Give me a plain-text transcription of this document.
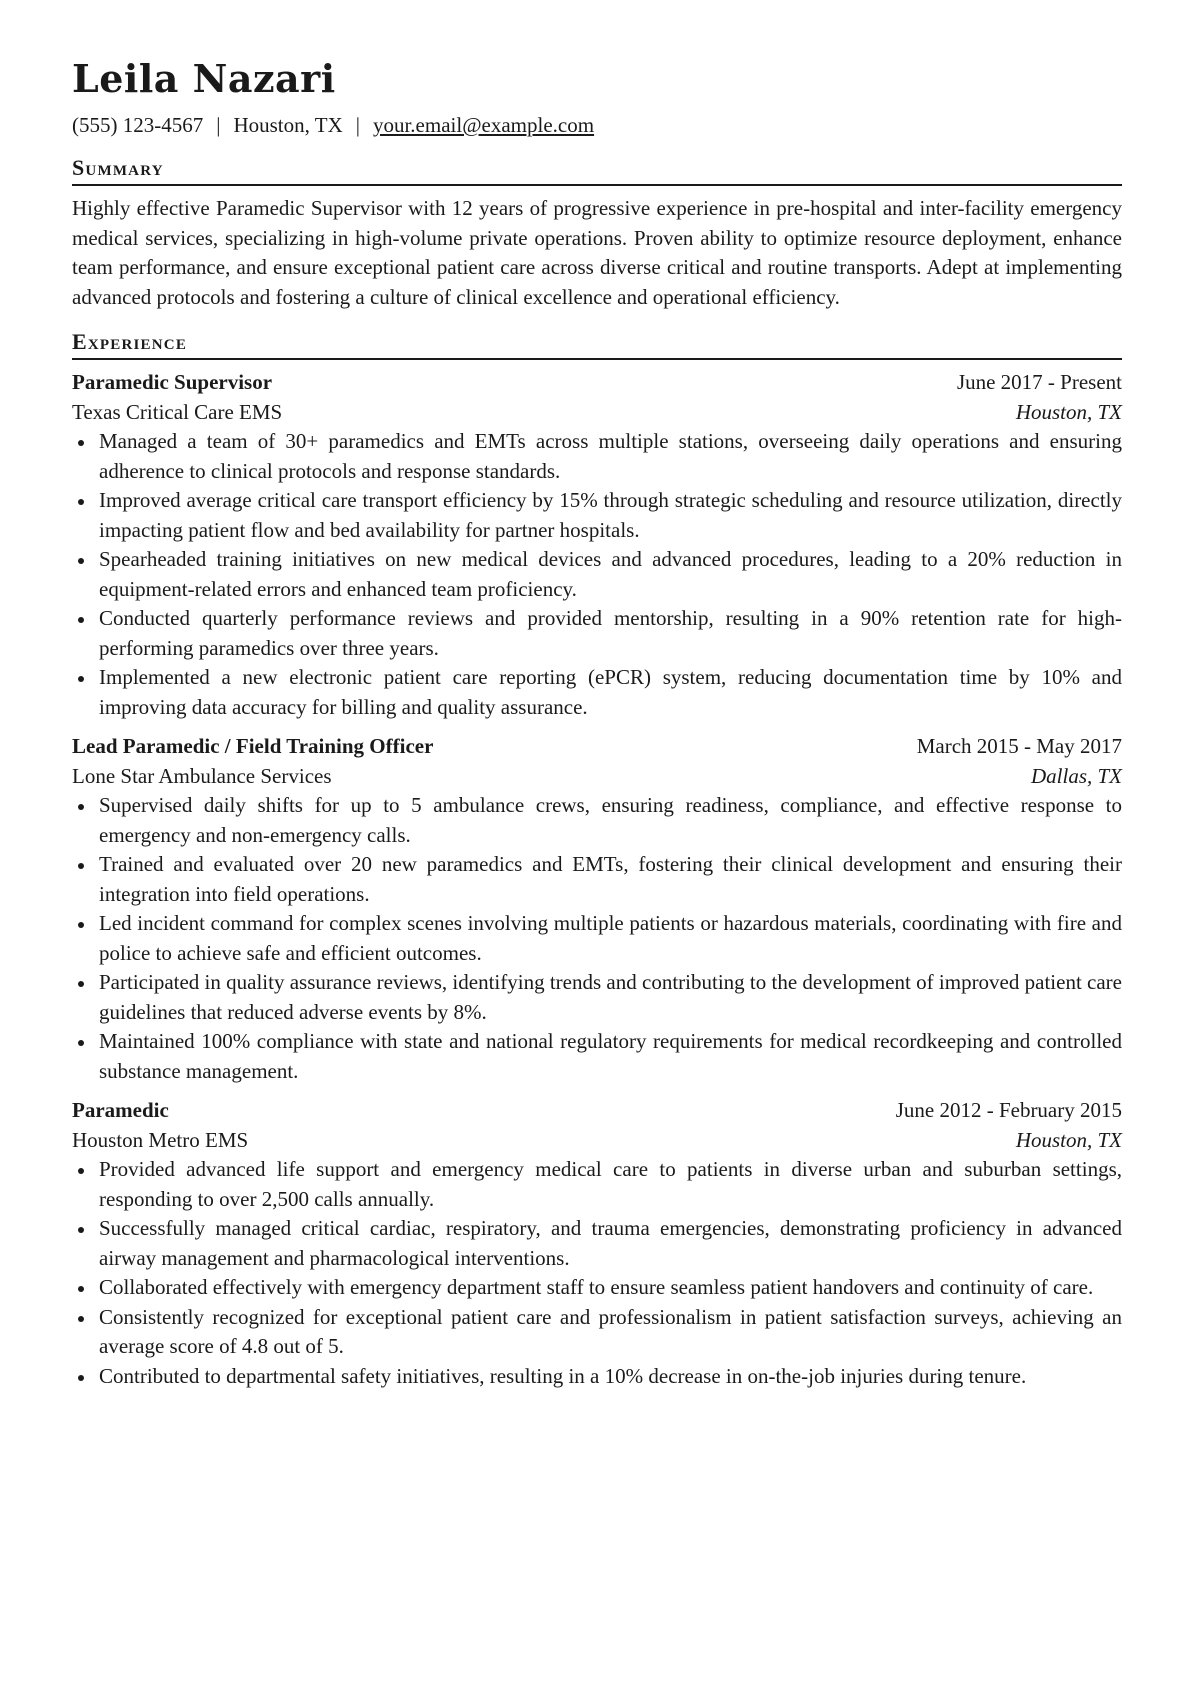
Leila Nazari
(555) 123-4567 | Houston, TX | your.email@example.com
Summary
Highly effective Paramedic Supervisor with 12 years of progressive experience in pre-hospital and inter-facility emergency medical services, specializing in high-volume private operations. Proven ability to optimize resource deployment, enhance team performance, and ensure exceptional patient care across diverse critical and routine transports. Adept at implementing advanced protocols and fostering a culture of clinical excellence and operational efficiency.
Experience
Paramedic Supervisor	June 2017 - Present
Texas Critical Care EMS	Houston, TX
Managed a team of 30+ paramedics and EMTs across multiple stations, overseeing daily operations and ensuring adherence to clinical protocols and response standards.
Improved average critical care transport efficiency by 15% through strategic scheduling and resource utilization, directly impacting patient flow and bed availability for partner hospitals.
Spearheaded training initiatives on new medical devices and advanced procedures, leading to a 20% reduction in equipment-related errors and enhanced team proficiency.
Conducted quarterly performance reviews and provided mentorship, resulting in a 90% retention rate for high-performing paramedics over three years.
Implemented a new electronic patient care reporting (ePCR) system, reducing documentation time by 10% and improving data accuracy for billing and quality assurance.
Lead Paramedic / Field Training Officer	March 2015 - May 2017
Lone Star Ambulance Services	Dallas, TX
Supervised daily shifts for up to 5 ambulance crews, ensuring readiness, compliance, and effective response to emergency and non-emergency calls.
Trained and evaluated over 20 new paramedics and EMTs, fostering their clinical development and ensuring their integration into field operations.
Led incident command for complex scenes involving multiple patients or hazardous materials, coordinating with fire and police to achieve safe and efficient outcomes.
Participated in quality assurance reviews, identifying trends and contributing to the development of improved patient care guidelines that reduced adverse events by 8%.
Maintained 100% compliance with state and national regulatory requirements for medical recordkeeping and controlled substance management.
Paramedic	June 2012 - February 2015
Houston Metro EMS	Houston, TX
Provided advanced life support and emergency medical care to patients in diverse urban and suburban settings, responding to over 2,500 calls annually.
Successfully managed critical cardiac, respiratory, and trauma emergencies, demonstrating proficiency in advanced airway management and pharmacological interventions.
Collaborated effectively with emergency department staff to ensure seamless patient handovers and continuity of care.
Consistently recognized for exceptional patient care and professionalism in patient satisfaction surveys, achieving an average score of 4.8 out of 5.
Contributed to departmental safety initiatives, resulting in a 10% decrease in on-the-job injuries during tenure.
